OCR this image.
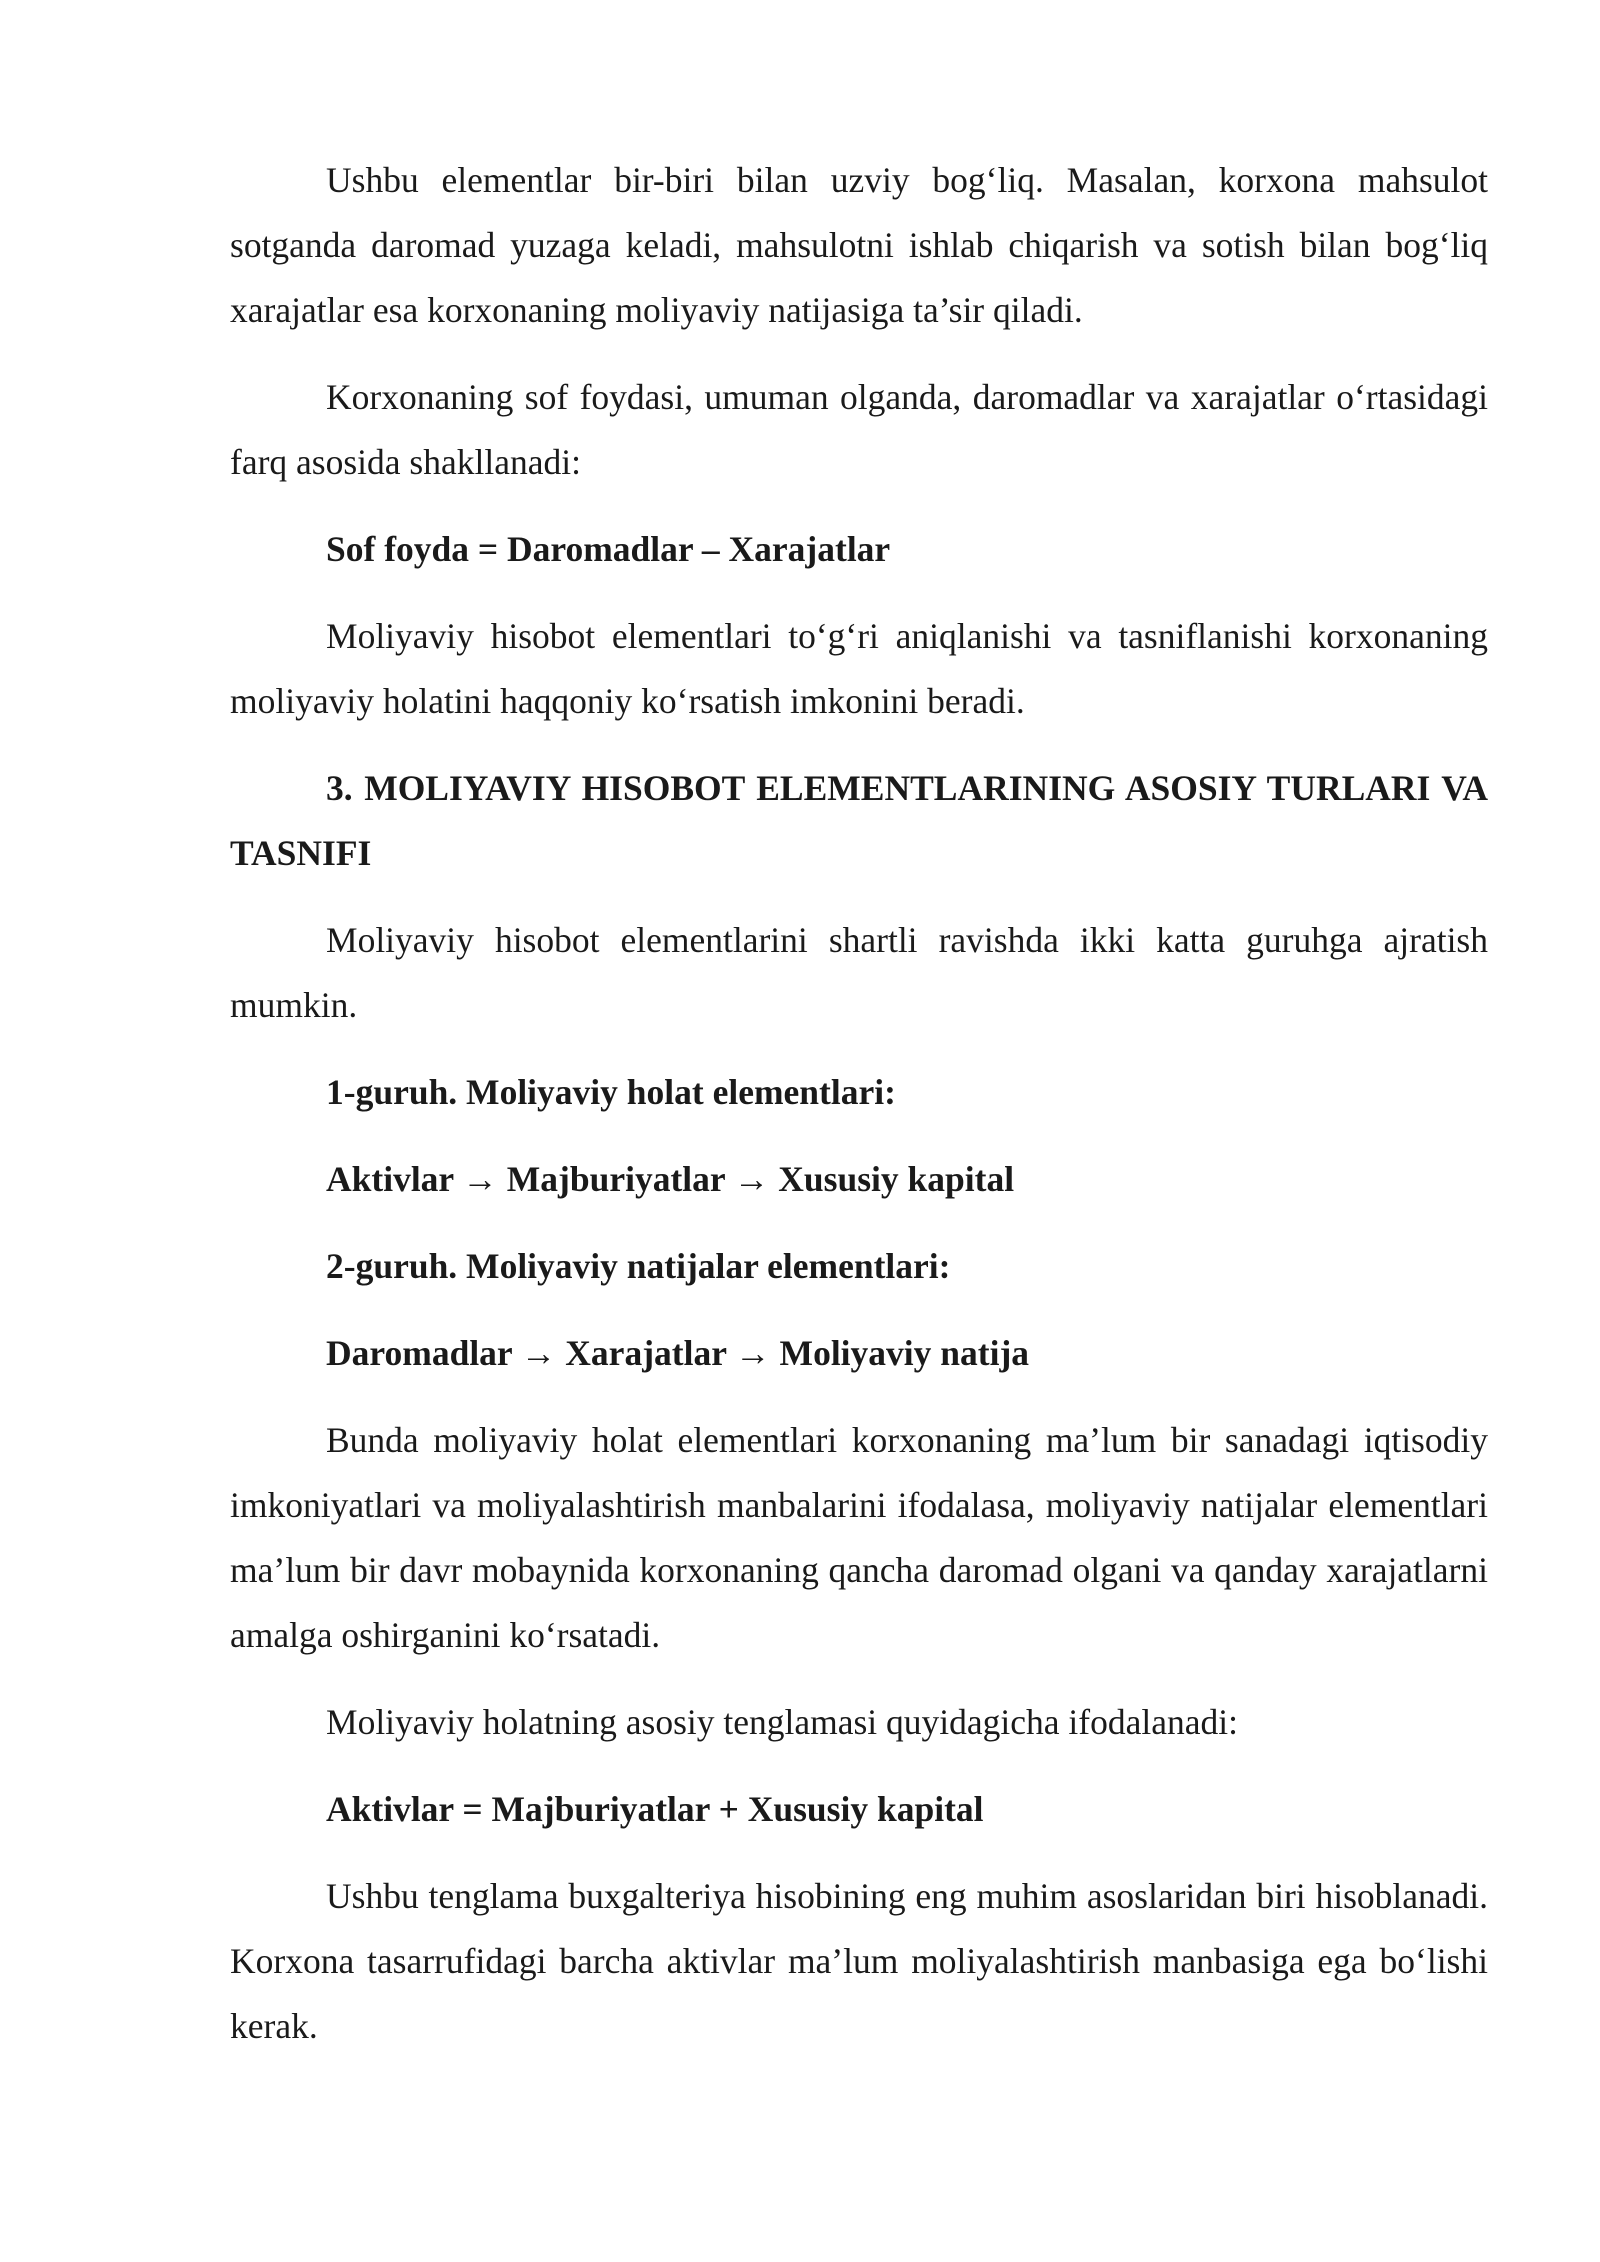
Ushbu elementlar bir-biri bilan uzviy bog‘liq. Masalan, korxona mahsulot sotganda daromad yuzaga keladi, mahsulotni ishlab chiqarish va sotish bilan bog‘liq xarajatlar esa korxonaning moliyaviy natijasiga ta’sir qiladi.

Korxonaning sof foydasi, umuman olganda, daromadlar va xarajatlar o‘rtasidagi farq asosida shakllanadi:

Sof foyda = Daromadlar – Xarajatlar

Moliyaviy hisobot elementlari to‘g‘ri aniqlanishi va tasniflanishi korxonaning moliyaviy holatini haqqoniy ko‘rsatish imkonini beradi.

3. MOLIYAVIY HISOBOT ELEMENTLARINING ASOSIY TURLARI VA TASNIFI

Moliyaviy hisobot elementlarini shartli ravishda ikki katta guruhga ajratish mumkin.

1-guruh. Moliyaviy holat elementlari:

Aktivlar → Majburiyatlar → Xususiy kapital

2-guruh. Moliyaviy natijalar elementlari:

Daromadlar → Xarajatlar → Moliyaviy natija

Bunda moliyaviy holat elementlari korxonaning ma’lum bir sanadagi iqtisodiy imkoniyatlari va moliyalashtirish manbalarini ifodalasa, moliyaviy natijalar elementlari ma’lum bir davr mobaynida korxonaning qancha daromad olgani va qanday xarajatlarni amalga oshirganini ko‘rsatadi.

Moliyaviy holatning asosiy tenglamasi quyidagicha ifodalanadi:

Aktivlar = Majburiyatlar + Xususiy kapital

Ushbu tenglama buxgalteriya hisobining eng muhim asoslaridan biri hisoblanadi. Korxona tasarrufidagi barcha aktivlar ma’lum moliyalashtirish manbasiga ega bo‘lishi kerak.
